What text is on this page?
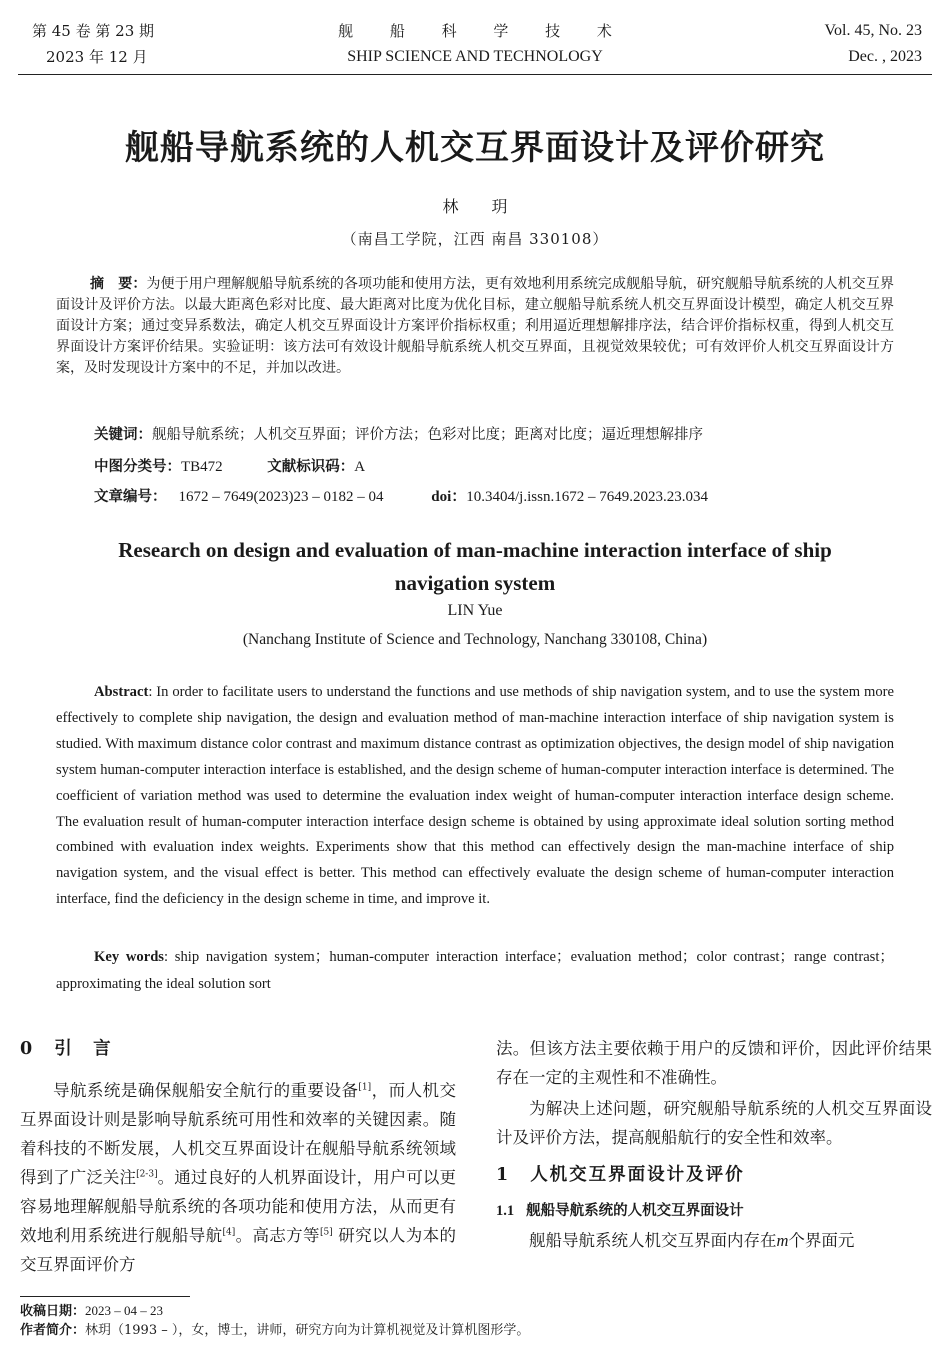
第 45 卷 第 23 期
2023 年 12 月
舰 船 科 学 技 术
SHIP SCIENCE AND TECHNOLOGY
Vol. 45, No. 23
Dec. , 2023
舰船导航系统的人机交互界面设计及评价研究
林 玥
（南昌工学院，江西 南昌 330108）
摘　要：为便于用户理解舰船导航系统的各项功能和使用方法，更有效地利用系统完成舰船导航，研究舰船导航系统的人机交互界面设计及评价方法。以最大距离色彩对比度、最大距离对比度为优化目标，建立舰船导航系统人机交互界面设计模型，确定人机交互界面设计方案；通过变异系数法，确定人机交互界面设计方案评价指标权重；利用逼近理想解排序法，结合评价指标权重，得到人机交互界面设计方案评价结果。实验证明：该方法可有效设计舰船导航系统人机交互界面，且视觉效果较优；可有效评价人机交互界面设计方案，及时发现设计方案中的不足，并加以改进。
关键词：舰船导航系统；人机交互界面；评价方法；色彩对比度；距离对比度；逼近理想解排序
中图分类号：TB472	文献标识码：A
文章编号： 1672 – 7649(2023)23 – 0182 – 04	doi：10.3404/j.issn.1672 – 7649.2023.23.034
Research on design and evaluation of man-machine interaction interface of ship navigation system
LIN Yue
(Nanchang Institute of Science and Technology, Nanchang 330108, China)
Abstract: In order to facilitate users to understand the functions and use methods of ship navigation system, and to use the system more effectively to complete ship navigation, the design and evaluation method of man-machine interaction interface of ship navigation system is studied. With maximum distance color contrast and maximum distance contrast as optimization objectives, the design model of ship navigation system human-computer interaction interface is established, and the design scheme of human-computer interaction interface is determined. The coefficient of variation method was used to determine the evaluation index weight of human-computer interaction interface design scheme. The evaluation result of human-computer interaction interface design scheme is obtained by using approximate ideal solution sorting method combined with evaluation index weights. Experiments show that this method can effectively design the man-machine interface of ship navigation system, and the visual effect is better. This method can effectively evaluate the design scheme of human-computer interaction interface, find the deficiency in the design scheme in time, and improve it.
Key words: ship navigation system；human-computer interaction interface；evaluation method；color contrast；range contrast；approximating the ideal solution sort
0 引　言

导航系统是确保舰船安全航行的重要设备[1]，而人机交互界面设计则是影响导航系统可用性和效率的关键因素。随着科技的不断发展，人机交互界面设计在舰船导航系统领域得到了广泛关注[2-3]。通过良好的人机界面设计，用户可以更容易地理解舰船导航系统的各项功能和使用方法，从而更有效地利用系统进行舰船导航[4]。高志方等[5] 研究以人为本的交互界面评价方

法。但该方法主要依赖于用户的反馈和评价，因此评价结果存在一定的主观性和不准确性。

为解决上述问题，研究舰船导航系统的人机交互界面设计及评价方法，提高舰船航行的安全性和效率。

1 人机交互界面设计及评价
1.1 舰船导航系统的人机交互界面设计

舰船导航系统人机交互界面内存在m个界面元

收稿日期：2023 – 04 – 23
作者简介：林玥（1993 – ），女，博士，讲师，研究方向为计算机视觉及计算机图形学。
